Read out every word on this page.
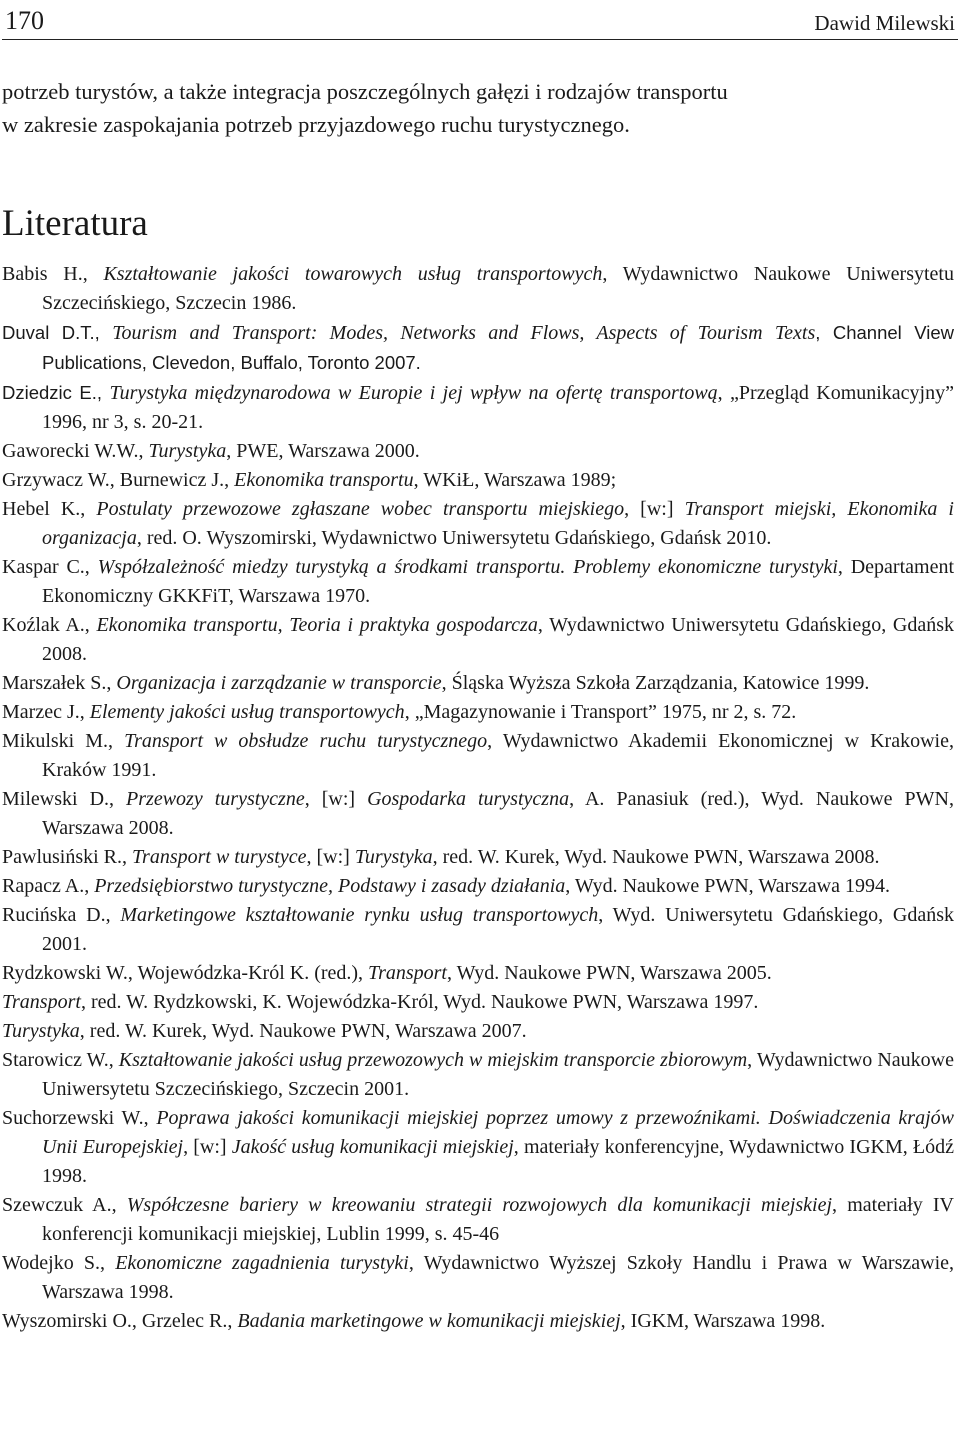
170	Dawid Milewski
potrzeb turystów, a także integracja poszczególnych gałęzi i rodzajów transportu
w zakresie zaspokajania potrzeb przyjazdowego ruchu turystycznego.
Literatura

Babis H., Kształtowanie jakości towarowych usług transportowych, Wydawnictwo Naukowe Uniwersytetu Szczecińskiego, Szczecin 1986.

Duval D.T., Tourism and Transport: Modes, Networks and Flows, Aspects of Tourism Texts, Channel View Publications, Clevedon, Buffalo, Toronto 2007.

Dziedzic E., Turystyka międzynarodowa w Europie i jej wpływ na ofertę transportową, „Przegląd Komunikacyjny” 1996, nr 3, s. 20-21.

Gaworecki W.W., Turystyka, PWE, Warszawa 2000.

Grzywacz W., Burnewicz J., Ekonomika transportu, WKiŁ, Warszawa 1989;

Hebel K., Postulaty przewozowe zgłaszane wobec transportu miejskiego, [w:] Transport miejski, Ekonomika i organizacja, red. O. Wyszomirski, Wydawnictwo Uniwersytetu Gdańskiego, Gdańsk 2010.

Kaspar C., Współzależność miedzy turystyką a środkami transportu. Problemy ekonomiczne turystyki, Departament Ekonomiczny GKKFiT, Warszawa 1970.

Koźlak A., Ekonomika transportu, Teoria i praktyka gospodarcza, Wydawnictwo Uniwersytetu Gdańskiego, Gdańsk 2008.

Marszałek S., Organizacja i zarządzanie w transporcie, Śląska Wyższa Szkoła Zarządzania, Katowice 1999.

Marzec J., Elementy jakości usług transportowych, „Magazynowanie i Transport” 1975, nr 2, s. 72.

Mikulski M., Transport w obsłudze ruchu turystycznego, Wydawnictwo Akademii Ekonomicznej w Krakowie, Kraków 1991.

Milewski D., Przewozy turystyczne, [w:] Gospodarka turystyczna, A. Panasiuk (red.), Wyd. Naukowe PWN, Warszawa 2008.

Pawlusiński R., Transport w turystyce, [w:] Turystyka, red. W. Kurek, Wyd. Naukowe PWN, Warszawa 2008.

Rapacz A., Przedsiębiorstwo turystyczne, Podstawy i zasady działania, Wyd. Naukowe PWN, Warszawa 1994.

Rucińska D., Marketingowe kształtowanie rynku usług transportowych, Wyd. Uniwersytetu Gdańskiego, Gdańsk 2001.

Rydzkowski W., Wojewódzka-Król K. (red.), Transport, Wyd. Naukowe PWN, Warszawa 2005.

Transport, red. W. Rydzkowski, K. Wojewódzka-Król, Wyd. Naukowe PWN, Warszawa 1997.

Turystyka, red. W. Kurek, Wyd. Naukowe PWN, Warszawa 2007.

Starowicz W., Kształtowanie jakości usług przewozowych w miejskim transporcie zbiorowym, Wydawnictwo Naukowe Uniwersytetu Szczecińskiego, Szczecin 2001.

Suchorzewski W., Poprawa jakości komunikacji miejskiej poprzez umowy z przewoźnikami. Doświadczenia krajów Unii Europejskiej, [w:] Jakość usług komunikacji miejskiej, materiały konferencyjne, Wydawnictwo IGKM, Łódź 1998.

Szewczuk A., Współczesne bariery w kreowaniu strategii rozwojowych dla komunikacji miejskiej, materiały IV konferencji komunikacji miejskiej, Lublin 1999, s. 45-46

Wodejko S., Ekonomiczne zagadnienia turystyki, Wydawnictwo Wyższej Szkoły Handlu i Prawa w Warszawie, Warszawa 1998.

Wyszomirski O., Grzelec R., Badania marketingowe w komunikacji miejskiej, IGKM, Warszawa 1998.
